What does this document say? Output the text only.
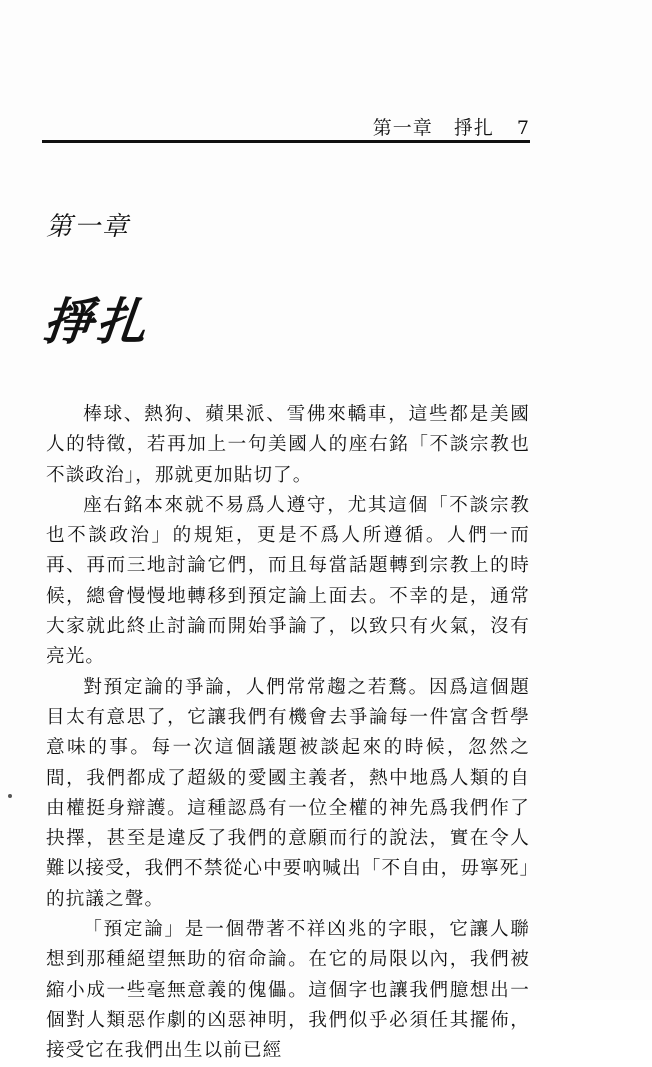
第一章 掙扎 7
第一章
掙扎

棒球、熱狗、蘋果派、雪佛來轎車，這些都是美國人的特徵，若再加上一句美國人的座右銘「不談宗教也不談政治」，那就更加貼切了。

座右銘本來就不易爲人遵守，尤其這個「不談宗教也不談政治」的規矩，更是不爲人所遵循。人們一而再、再而三地討論它們，而且每當話題轉到宗教上的時候，總會慢慢地轉移到預定論上面去。不幸的是，通常大家就此終止討論而開始爭論了，以致只有火氣，沒有亮光。

對預定論的爭論，人們常常趨之若鶩。因爲這個題目太有意思了，它讓我們有機會去爭論每一件富含哲學意味的事。每一次這個議題被談起來的時候，忽然之間，我們都成了超級的愛國主義者，熱中地爲人類的自由權挺身辯護。這種認爲有一位全權的神先爲我們作了抉擇，甚至是違反了我們的意願而行的說法，實在令人難以接受，我們不禁從心中要吶喊出「不自由，毋寧死」的抗議之聲。

「預定論」是一個帶著不祥凶兆的字眼，它讓人聯想到那種絕望無助的宿命論。在它的局限以內，我們被縮小成一些毫無意義的傀儡。這個字也讓我們臆想出一個對人類惡作劇的凶惡神明，我們似乎必須任其擺佈，接受它在我們出生以前已經
